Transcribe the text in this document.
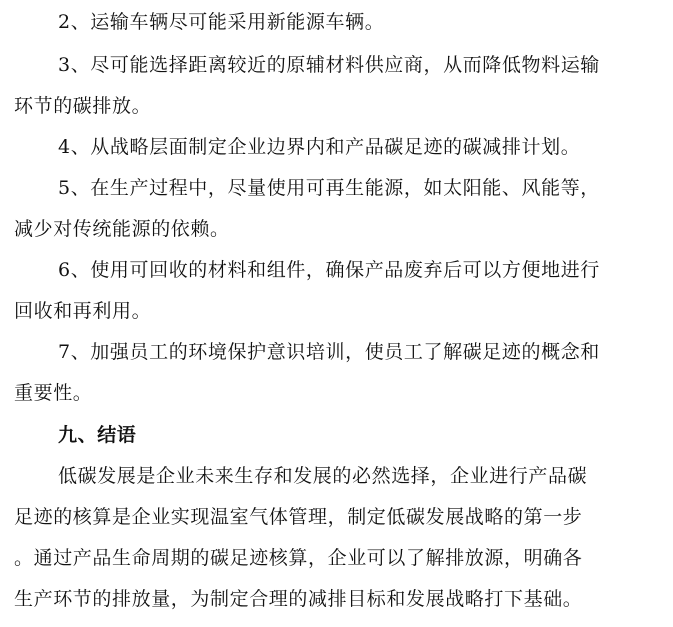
2、运输车辆尽可能采用新能源车辆。
3、尽可能选择距离较近的原辅材料供应商，从而降低物料运输
环节的碳排放。
4、从战略层面制定企业边界内和产品碳足迹的碳减排计划。
5、在生产过程中，尽量使用可再生能源，如太阳能、风能等，
减少对传统能源的依赖。
6、使用可回收的材料和组件，确保产品废弃后可以方便地进行
回收和再利用。
7、加强员工的环境保护意识培训，使员工了解碳足迹的概念和
重要性。
九、结语
低碳发展是企业未来生存和发展的必然选择，企业进行产品碳
足迹的核算是企业实现温室气体管理，制定低碳发展战略的第一步
。通过产品生命周期的碳足迹核算，企业可以了解排放源，明确各
生产环节的排放量，为制定合理的减排目标和发展战略打下基础。
